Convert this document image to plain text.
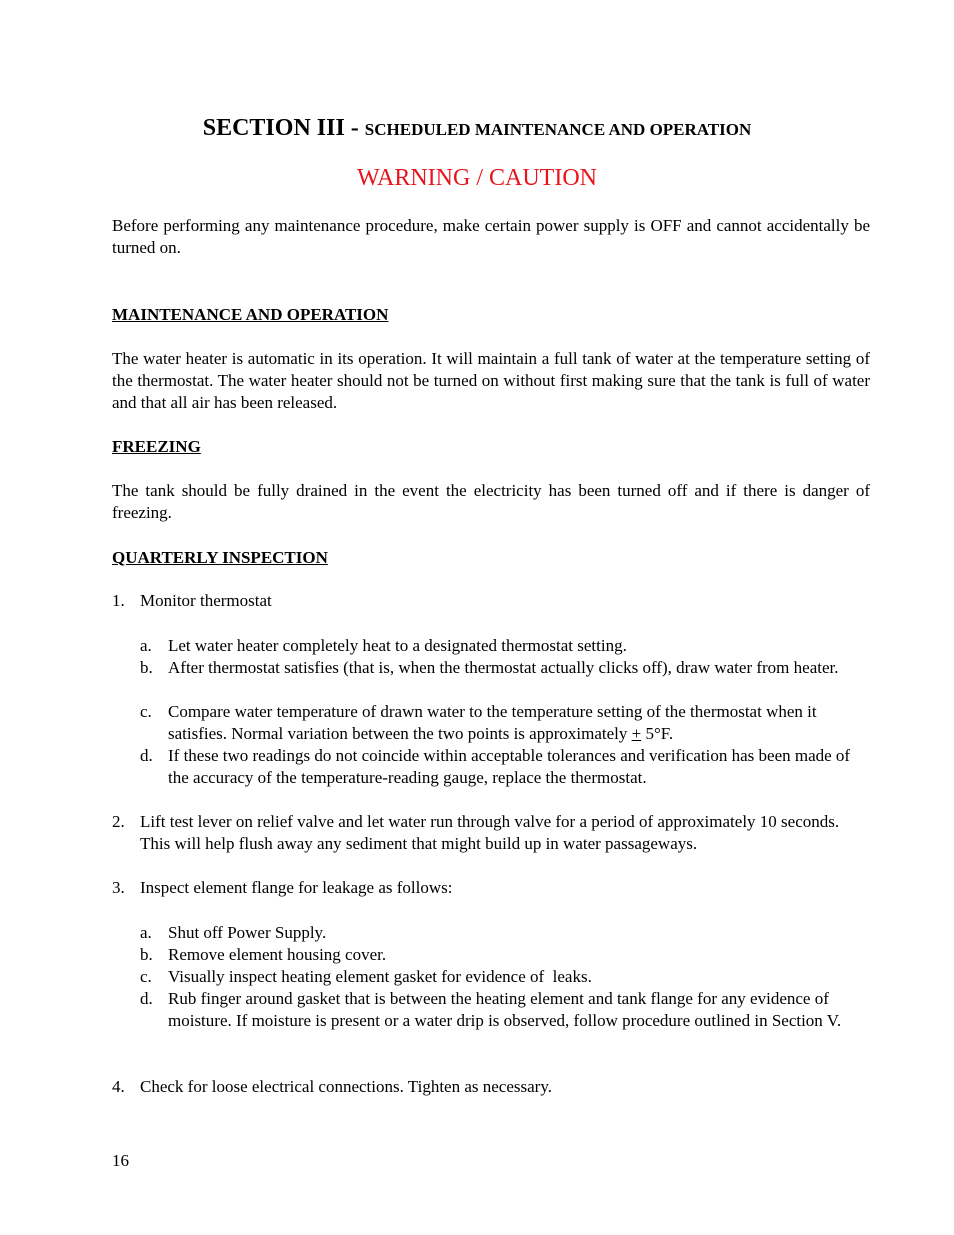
SECTION III - SCHEDULED MAINTENANCE AND OPERATION
WARNING / CAUTION
Before performing any maintenance procedure, make certain power supply is OFF and cannot accidentally be turned on.
MAINTENANCE AND OPERATION
The water heater is automatic in its operation. It will maintain a full tank of water at the temperature setting of the thermostat. The water heater should not be turned on without first making sure that the tank is full of water and that all air has been released.
FREEZING
The tank should be fully drained in the event the electricity has been turned off and if there is danger of freezing.
QUARTERLY INSPECTION
1. Monitor thermostat
a. Let water heater completely heat to a designated thermostat setting.
b. After thermostat satisfies (that is, when the thermostat actually clicks off), draw water from heater.
c. Compare water temperature of drawn water to the temperature setting of the thermostat when it satisfies. Normal variation between the two points is approximately + 5°F.
d. If these two readings do not coincide within acceptable tolerances and verification has been made of the accuracy of the temperature-reading gauge, replace the thermostat.
2. Lift test lever on relief valve and let water run through valve for a period of approximately 10 seconds. This will help flush away any sediment that might build up in water passageways.
3. Inspect element flange for leakage as follows:
a. Shut off Power Supply.
b. Remove element housing cover.
c. Visually inspect heating element gasket for evidence of  leaks.
d. Rub finger around gasket that is between the heating element and tank flange for any evidence of moisture. If moisture is present or a water drip is observed, follow procedure outlined in Section V.
4. Check for loose electrical connections. Tighten as necessary.
16
